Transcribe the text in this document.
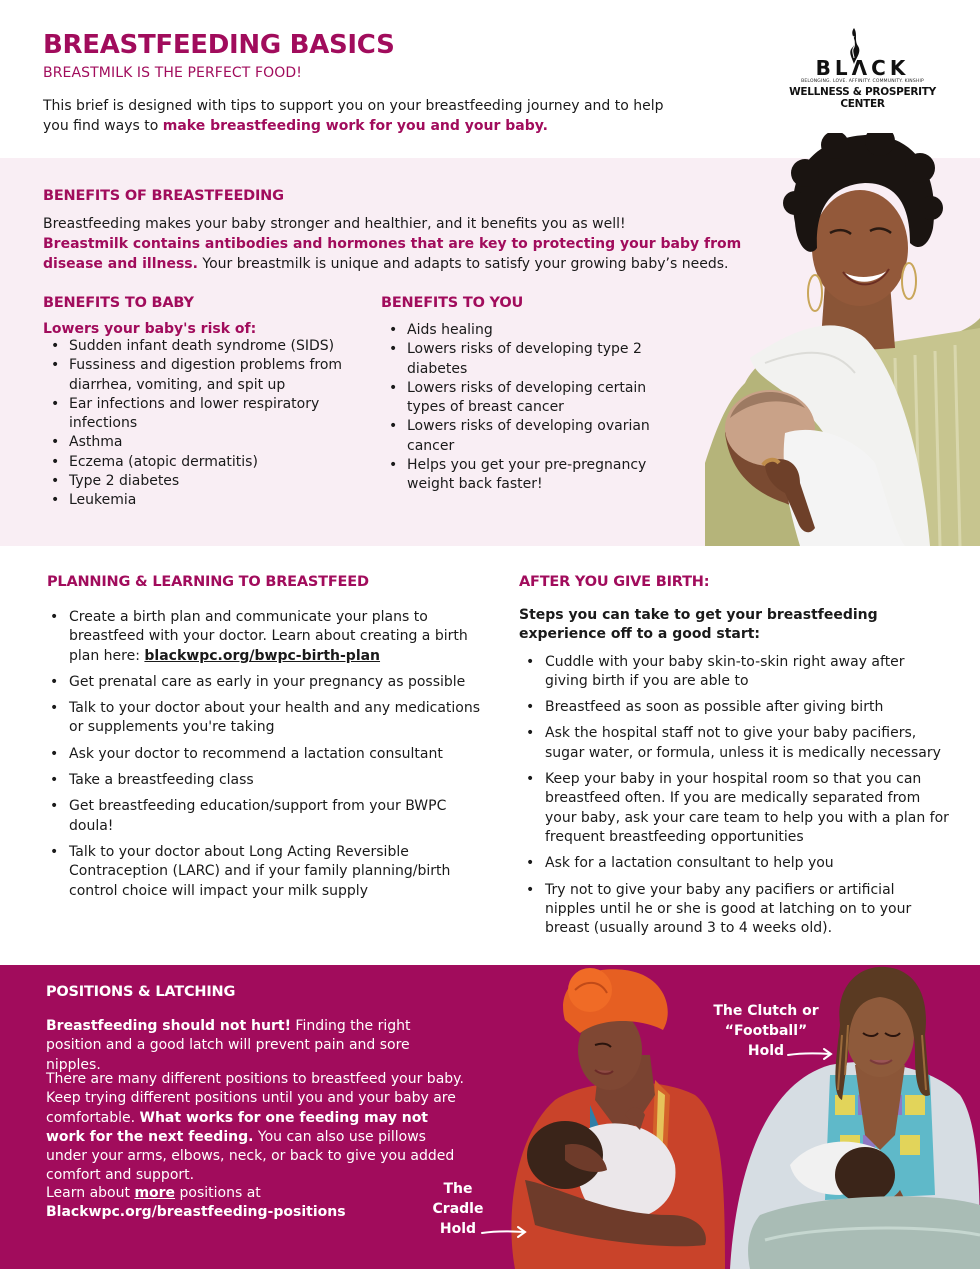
BREASTFEEDING BASICS
BREASTMILK IS THE PERFECT FOOD!

This brief is designed with tips to support you on your breastfeeding journey and to help you find ways to make breastfeeding work for you and your baby.

BLɅCK
BELONGING. LOVE. AFFINITY. COMMUNITY. KINSHIP
WELLNESS & PROSPERITY CENTER
BENEFITS OF BREASTFEEDING

Breastfeeding makes your baby stronger and healthier, and it benefits you as well!
Breastmilk contains antibodies and hormones that are key to protecting your baby from disease and illness. Your breastmilk is unique and adapts to satisfy your growing baby’s needs.

BENEFITS TO BABY
Lowers your baby's risk of:
• Sudden infant death syndrome (SIDS)
• Fussiness and digestion problems from diarrhea, vomiting, and spit up
• Ear infections and lower respiratory infections
• Asthma
• Eczema (atopic dermatitis)
• Type 2 diabetes
• Leukemia
BENEFITS TO YOU
• Aids healing
• Lowers risks of developing type 2 diabetes
• Lowers risks of developing certain types of breast cancer
• Lowers risks of developing ovarian cancer
• Helps you get your pre-pregnancy weight back faster!
PLANNING & LEARNING TO BREASTFEED
• Create a birth plan and communicate your plans to breastfeed with your doctor. Learn about creating a birth plan here: blackwpc.org/bwpc-birth-plan
• Get prenatal care as early in your pregnancy as possible
• Talk to your doctor about your health and any medications or supplements you're taking
• Ask your doctor to recommend a lactation consultant
• Take a breastfeeding class
• Get breastfeeding education/support from your BWPC doula!
• Talk to your doctor about Long Acting Reversible Contraception (LARC) and if your family planning/birth control choice will impact your milk supply
AFTER YOU GIVE BIRTH:

Steps you can take to get your breastfeeding experience off to a good start:

• Cuddle with your baby skin-to-skin right away after giving birth if you are able to
• Breastfeed as soon as possible after giving birth
• Ask the hospital staff not to give your baby pacifiers, sugar water, or formula, unless it is medically necessary
• Keep your baby in your hospital room so that you can breastfeed often. If you are medically separated from your baby, ask your care team to help you with a plan for frequent breastfeeding opportunities
• Ask for a lactation consultant to help you
• Try not to give your baby any pacifiers or artificial nipples until he or she is good at latching on to your breast (usually around 3 to 4 weeks old).
POSITIONS & LATCHING

Breastfeeding should not hurt! Finding the right position and a good latch will prevent pain and sore nipples.

There are many different positions to breastfeed your baby. Keep trying different positions until you and your baby are comfortable. What works for one feeding may not work for the next feeding. You can also use pillows under your arms, elbows, neck, or back to give you added comfort and support.

Learn about more positions at
Blackwpc.org/breastfeeding-positions

The Cradle Hold
The Clutch or “Football” Hold
